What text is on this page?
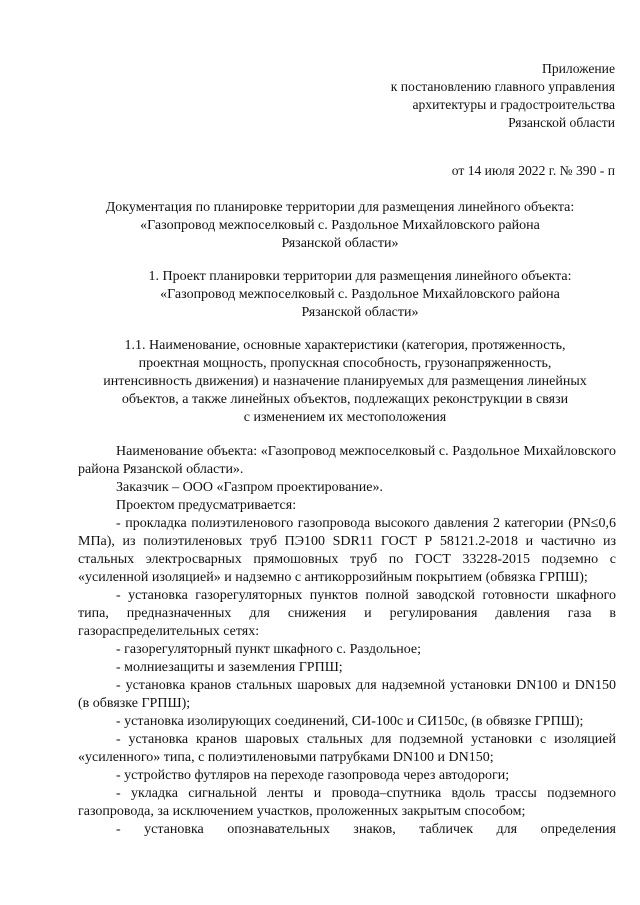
Приложение
к постановлению главного управления
архитектуры и градостроительства
Рязанской области
от 14 июля 2022 г. № 390 - п
Документация по планировке территории для размещения линейного объекта:
«Газопровод межпоселковый с. Раздольное Михайловского района
Рязанской области»
1. Проект планировки территории для размещения линейного объекта:
«Газопровод межпоселковый с. Раздольное Михайловского района
Рязанской области»
1.1. Наименование, основные характеристики (категория, протяженность,
проектная мощность, пропускная способность, грузонапряженность,
интенсивность движения) и назначение планируемых для размещения линейных
объектов, а также линейных объектов, подлежащих реконструкции в связи
с изменением их местоположения

Наименование объекта: «Газопровод межпоселковый с. Раздольное Михайловского района Рязанской области».

Заказчик – ООО «Газпром проектирование».

Проектом предусматривается:

- прокладка полиэтиленового газопровода высокого давления 2 категории (PN≤0,6 МПа), из полиэтиленовых труб ПЭ100 SDR11 ГОСТ Р 58121.2-2018 и частично из стальных электросварных прямошовных труб по ГОСТ 33228-2015 подземно с «усиленной изоляцией» и надземно с антикоррозийным покрытием (обвязка ГРПШ);

- установка газорегуляторных пунктов полной заводской готовности шкафного типа, предназначенных для снижения и регулирования давления газа в газораспределительных сетях:

- газорегуляторный пункт шкафного с. Раздольное;

- молниезащиты и заземления ГРПШ;

- установка кранов стальных шаровых для надземной установки DN100 и DN150 (в обвязке ГРПШ);

- установка изолирующих соединений, СИ-100с и СИ150с, (в обвязке ГРПШ);

- установка кранов шаровых стальных для подземной установки с изоляцией «усиленного» типа, с полиэтиленовыми патрубками DN100 и DN150;

- устройство футляров на переходе газопровода через автодороги;

- укладка сигнальной ленты и провода–спутника вдоль трассы подземного газопровода, за исключением участков, проложенных закрытым способом;

- установка опознавательных знаков, табличек для определения
